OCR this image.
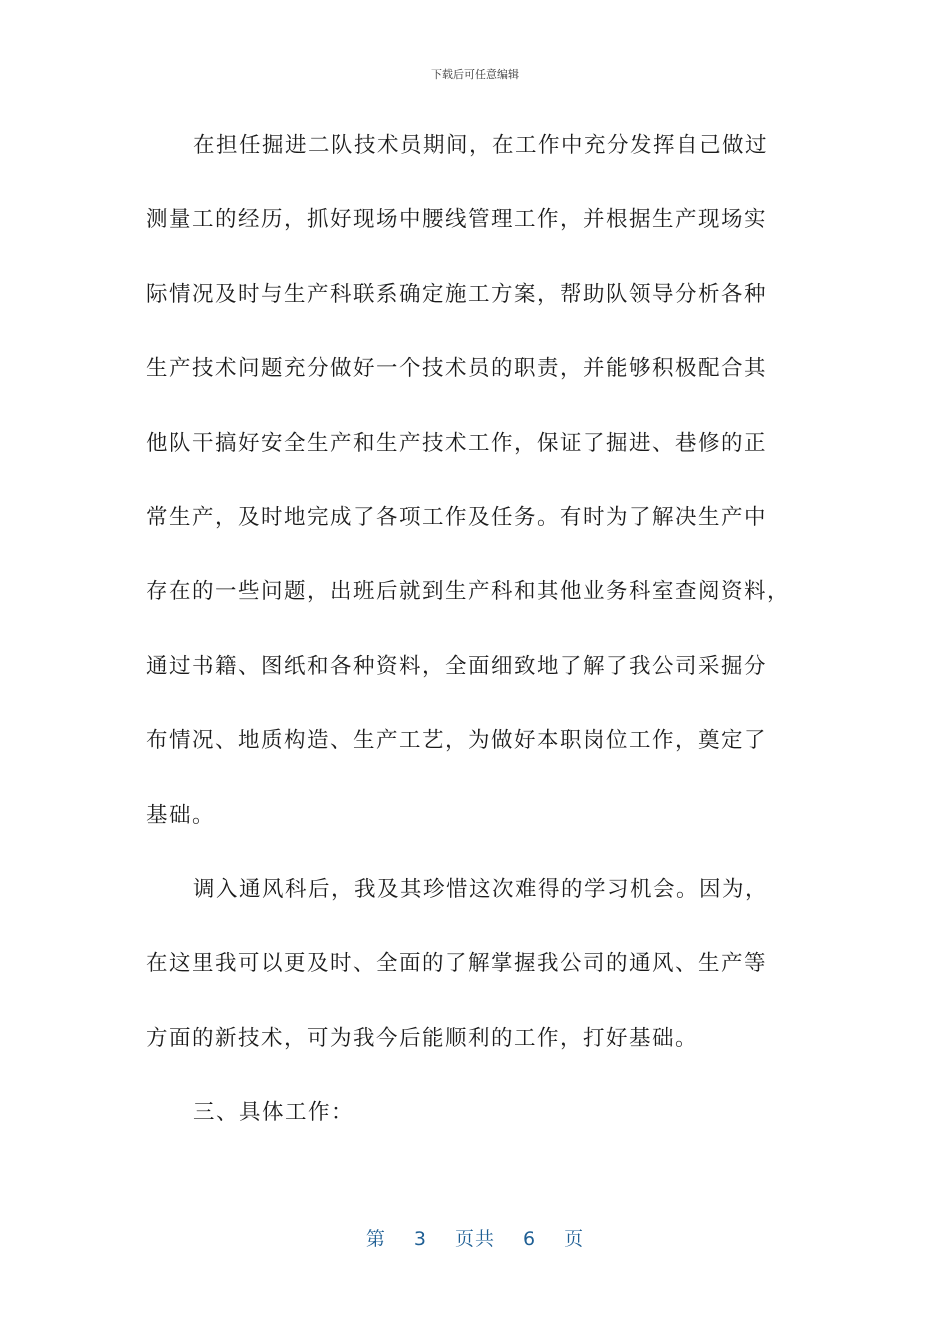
下载后可任意编辑
在担任掘进二队技术员期间，在工作中充分发挥自己做过
测量工的经历，抓好现场中腰线管理工作，并根据生产现场实
际情况及时与生产科联系确定施工方案，帮助队领导分析各种
生产技术问题充分做好一个技术员的职责，并能够积极配合其
他队干搞好安全生产和生产技术工作，保证了掘进、巷修的正
常生产，及时地完成了各项工作及任务。有时为了解决生产中
存在的一些问题，出班后就到生产科和其他业务科室查阅资料，
通过书籍、图纸和各种资料，全面细致地了解了我公司采掘分
布情况、地质构造、生产工艺，为做好本职岗位工作，奠定了
基础。
调入通风科后，我及其珍惜这次难得的学习机会。因为，
在这里我可以更及时、全面的了解掌握我公司的通风、生产等
方面的新技术，可为我今后能顺利的工作，打好基础。
三、具体工作：
第 3 页共 6 页
